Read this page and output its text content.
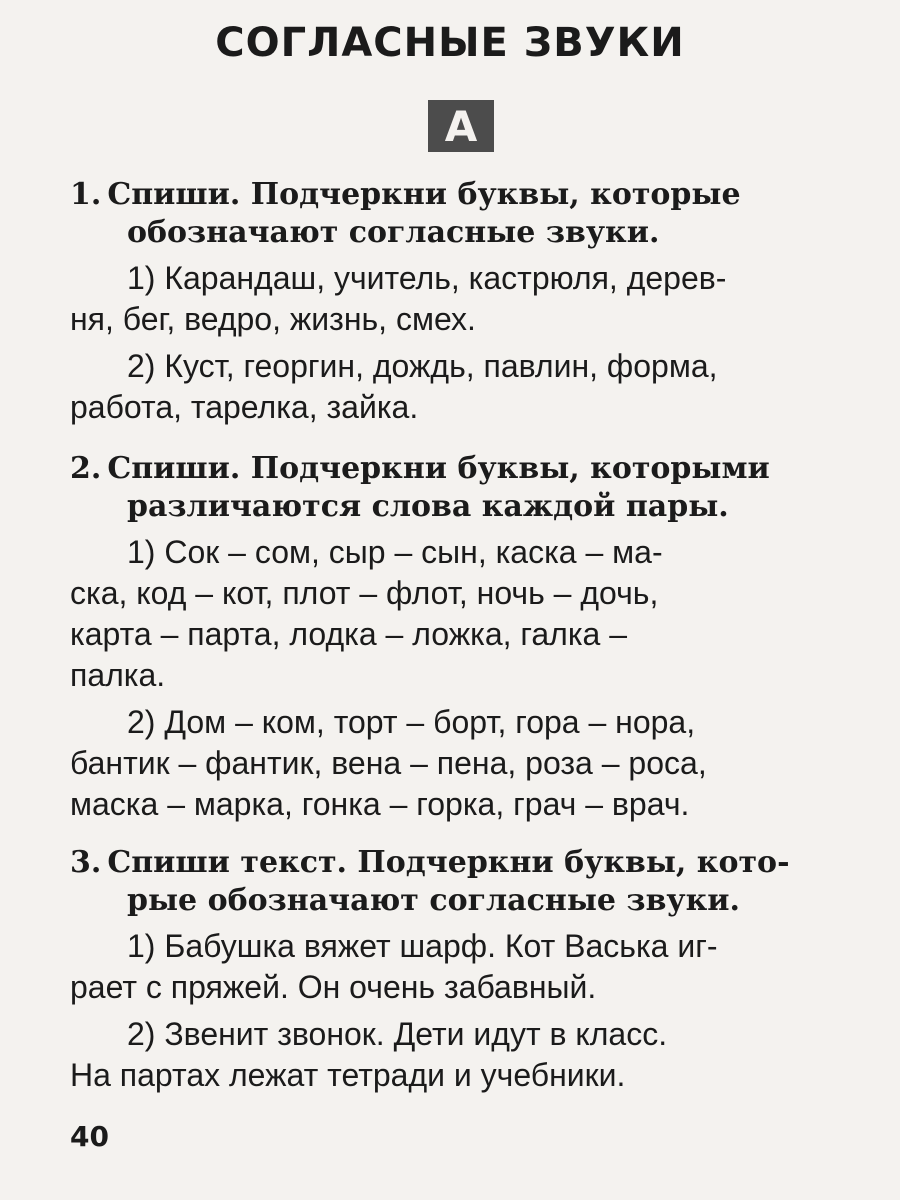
СОГЛАСНЫЕ ЗВУКИ
А

1. Спиши. Подчеркни буквы, которые
обозначают согласные звуки.

1) Карандаш, учитель, кастрюля, дерев-
ня, бег, ведро, жизнь, смех.

2) Куст, георгин, дождь, павлин, форма,
работа, тарелка, зайка.

2. Спиши. Подчеркни буквы, которыми
различаются слова каждой пары.

1) Сок – сом, сыр – сын, каска – ма-
ска, код – кот, плот – флот, ночь – дочь,
карта – парта, лодка – ложка, галка –
палка.

2) Дом – ком, торт – борт, гора – нора,
бантик – фантик, вена – пена, роза – роса,
маска – марка, гонка – горка, грач – врач.

3. Спиши текст. Подчеркни буквы, кото-
рые обозначают согласные звуки.

1) Бабушка вяжет шарф. Кот Васька иг-
рает с пряжей. Он очень забавный.

2) Звенит звонок. Дети идут в класс.
На партах лежат тетради и учебники.

40
